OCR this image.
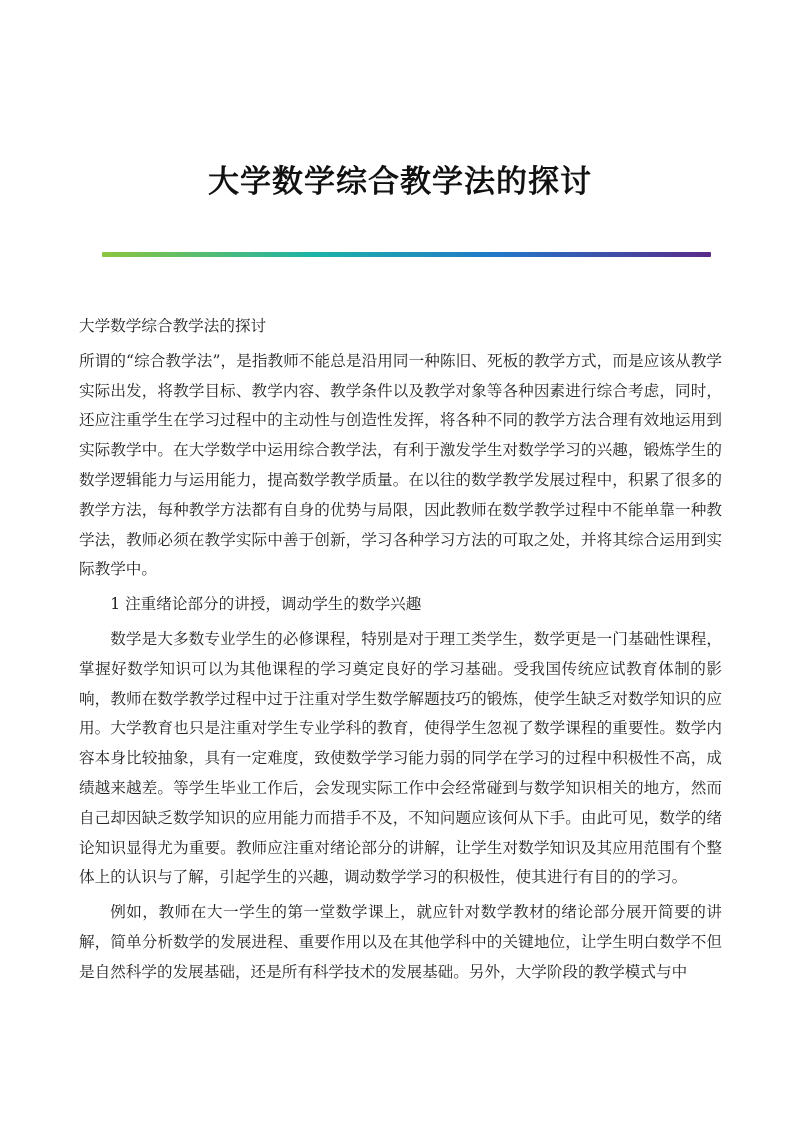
大学数学综合教学法的探讨

大学数学综合教学法的探讨

所谓的“综合教学法”，是指教师不能总是沿用同一种陈旧、死板的教学方式，而是应该从教学实际出发，将教学目标、教学内容、教学条件以及教学对象等各种因素进行综合考虑，同时，还应注重学生在学习过程中的主动性与创造性发挥，将各种不同的教学方法合理有效地运用到实际教学中。在大学数学中运用综合教学法，有利于激发学生对数学学习的兴趣，锻炼学生的数学逻辑能力与运用能力，提高数学教学质量。在以往的数学教学发展过程中，积累了很多的教学方法，每种教学方法都有自身的优势与局限，因此教师在数学教学过程中不能单靠一种教学法，教师必须在教学实际中善于创新，学习各种学习方法的可取之处，并将其综合运用到实际教学中。

1 注重绪论部分的讲授，调动学生的数学兴趣

数学是大多数专业学生的必修课程，特别是对于理工类学生，数学更是一门基础性课程，掌握好数学知识可以为其他课程的学习奠定良好的学习基础。受我国传统应试教育体制的影响，教师在数学教学过程中过于注重对学生数学解题技巧的锻炼，使学生缺乏对数学知识的应用。大学教育也只是注重对学生专业学科的教育，使得学生忽视了数学课程的重要性。数学内容本身比较抽象，具有一定难度，致使数学学习能力弱的同学在学习的过程中积极性不高，成绩越来越差。等学生毕业工作后，会发现实际工作中会经常碰到与数学知识相关的地方，然而自己却因缺乏数学知识的应用能力而措手不及，不知问题应该何从下手。由此可见，数学的绪论知识显得尤为重要。教师应注重对绪论部分的讲解，让学生对数学知识及其应用范围有个整体上的认识与了解，引起学生的兴趣，调动数学学习的积极性，使其进行有目的的学习。

例如，教师在大一学生的第一堂数学课上，就应针对数学教材的绪论部分展开简要的讲解，简单分析数学的发展进程、重要作用以及在其他学科中的关键地位，让学生明白数学不但是自然科学的发展基础，还是所有科学技术的发展基础。另外，大学阶段的教学模式与中
